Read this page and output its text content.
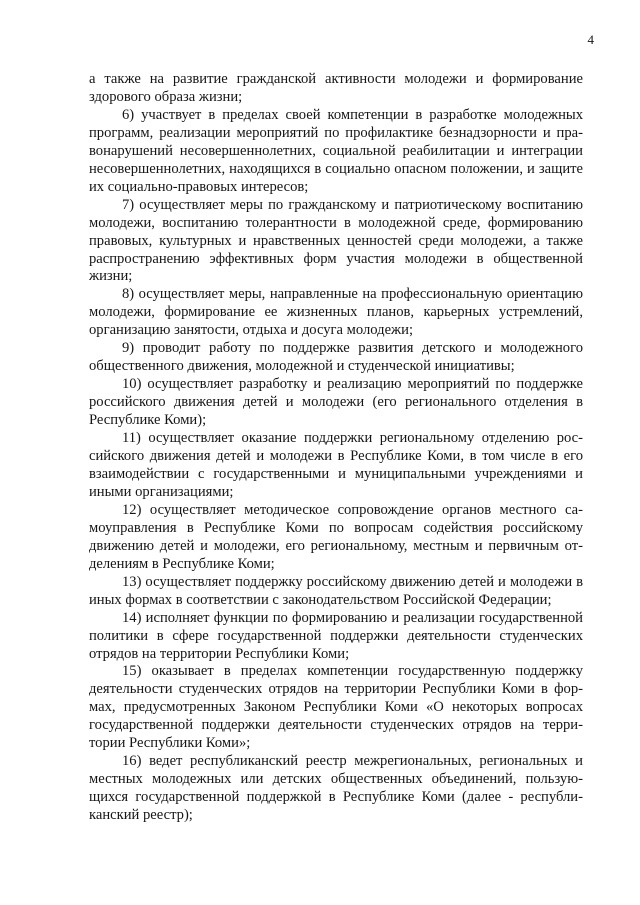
4

а также на развитие гражданской активности молодежи и формирование здорового образа жизни;

6) участвует в пределах своей компетенции в разработке молодежных программ, реализации мероприятий по профилактике безнадзорности и правонарушений несовершеннолетних, социальной реабилитации и интеграции несовершеннолетних, находящихся в социально опасном положении, и защите их социально-правовых интересов;

7) осуществляет меры по гражданскому и патриотическому воспитанию молодежи, воспитанию толерантности в молодежной среде, формированию правовых, культурных и нравственных ценностей среди молодежи, а также распространению эффективных форм участия молодежи в общественной жизни;

8) осуществляет меры, направленные на профессиональную ориентацию молодежи, формирование ее жизненных планов, карьерных устремлений, организацию занятости, отдыха и досуга молодежи;

9) проводит работу по поддержке развития детского и молодежного общественного движения, молодежной и студенческой инициативы;

10) осуществляет разработку и реализацию мероприятий по поддержке российского движения детей и молодежи (его регионального отделения в Республике Коми);

11) осуществляет оказание поддержки региональному отделению российского движения детей и молодежи в Республике Коми, в том числе в его взаимодействии с государственными и муниципальными учреждениями и иными организациями;

12) осуществляет методическое сопровождение органов местного самоуправления в Республике Коми по вопросам содействия российскому движению детей и молодежи, его региональному, местным и первичным отделениям в Республике Коми;

13) осуществляет поддержку российскому движению детей и молодежи в иных формах в соответствии с законодательством Российской Федерации;

14) исполняет функции по формированию и реализации государственной политики в сфере государственной поддержки деятельности студенческих отрядов на территории Республики Коми;

15) оказывает в пределах компетенции государственную поддержку деятельности студенческих отрядов на территории Республики Коми в формах, предусмотренных Законом Республики Коми «О некоторых вопросах государственной поддержки деятельности студенческих отрядов на территории Республики Коми»;

16) ведет республиканский реестр межрегиональных, региональных и местных молодежных или детских общественных объединений, пользующихся государственной поддержкой в Республике Коми (далее - республиканский реестр);
